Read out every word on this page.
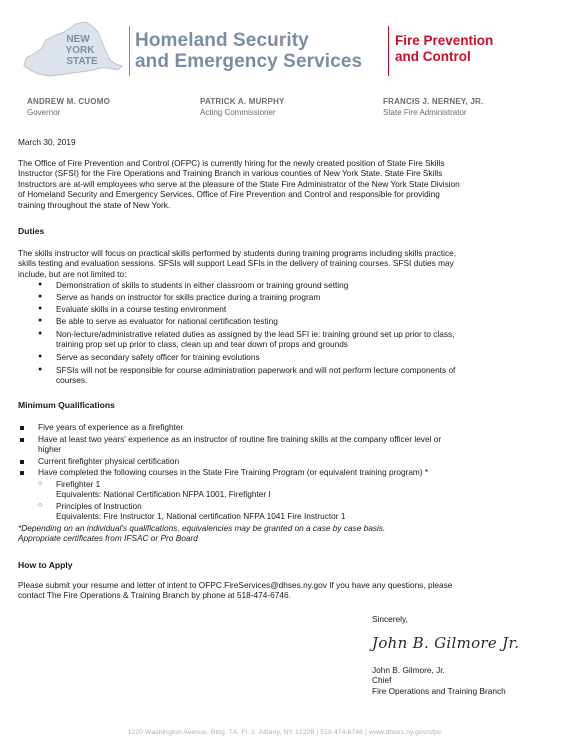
NEW
YORK
STATE
Homeland Security
and Emergency Services
Fire Prevention
and Control
ANDREW M. CUOMO
Governor
PATRICK A. MURPHY
Acting Commissioner
FRANCIS J. NERNEY, JR.
State Fire Administrator
March 30, 2019
The Office of Fire Prevention and Control (OFPC) is currently hiring for the newly created position of State Fire Skills
Instructor (SFSI) for the Fire Operations and Training Branch in various counties of New York State. State Fire Skills
Instructors are at-will employees who serve at the pleasure of the State Fire Administrator of the New York State Division
of Homeland Security and Emergency Services, Office of Fire Prevention and Control and responsible for providing
training throughout the state of New York.
Duties
The skills instructor will focus on practical skills performed by students during training programs including skills practice,
skills testing and evaluation sessions. SFSIs will support Lead SFIs in the delivery of training courses. SFSI duties may
include, but are not limited to:
● Demonstration of skills to students in either classroom or training ground setting
● Serve as hands on instructor for skills practice during a training program
● Evaluate skills in a course testing environment
● Be able to serve as evaluator for national certification testing
● Non-lecture/administrative related duties as assigned by the lead SFI ie: training ground set up prior to class,
training prop set up prior to class, clean up and tear down of props and grounds
● Serve as secondary safety officer for training evolutions
● SFSIs will not be responsible for course administration paperwork and will not perform lecture components of
courses.
Minimum Qualifications
Five years of experience as a firefighter
Have at least two years' experience as an instructor of routine fire training skills at the company officer level or
higher
Current firefighter physical certification
Have completed the following courses in the State Fire Training Program (or equivalent training program) *
○ Firefighter 1
Equivalents: National Certification NFPA 1001, Firefighter I
○ Principles of Instruction
Equivalents: Fire Instructor 1, National certification NFPA 1041 Fire Instructor 1
*Depending on an individual's qualifications, equivalencies may be granted on a case by case basis.
Appropriate certificates from IFSAC or Pro Board
How to Apply
Please submit your resume and letter of intent to OFPC.FireServices@dhses.ny.gov If you have any questions, please
contact The Fire Operations & Training Branch by phone at 518-474-6746.
Sincerely,
John B. Gilmore Jr.
John B. Gilmore, Jr.
Chief
Fire Operations and Training Branch
1220 Washington Avenue, Bldg. 7A, Fl. 2, Albany, NY 12226 | 518.474.6746 | www.dhses.ny.gov/ofpc
